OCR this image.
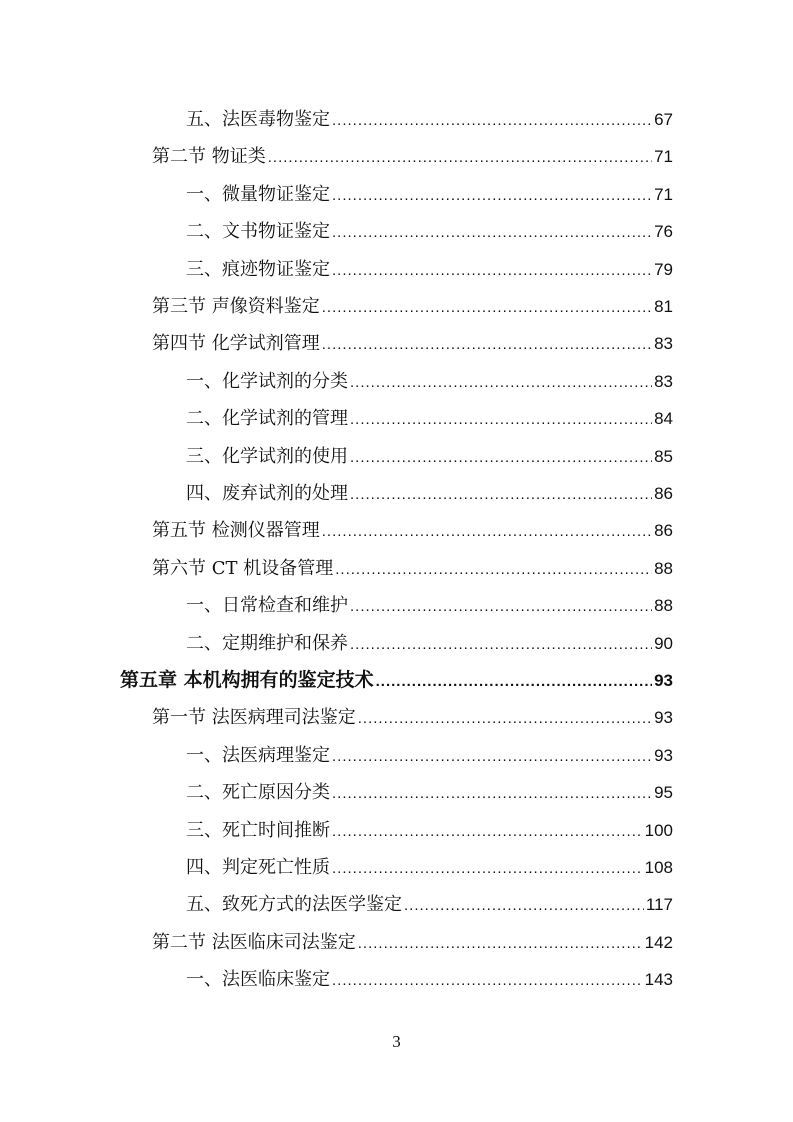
五、法医毒物鉴定 .....	67
第二节 物证类 .....	71
一、微量物证鉴定 .....	71
二、文书物证鉴定 .....	76
三、痕迹物证鉴定 .....	79
第三节 声像资料鉴定 .....	81
第四节 化学试剂管理 .....	83
一、化学试剂的分类 .....	83
二、化学试剂的管理 .....	84
三、化学试剂的使用 .....	85
四、废弃试剂的处理 .....	86
第五节 检测仪器管理 .....	86
第六节 CT 机设备管理 .....	88
一、日常检查和维护 .....	88
二、定期维护和保养 .....	90
第五章 本机构拥有的鉴定技术 .....	93
第一节 法医病理司法鉴定 .....	93
一、法医病理鉴定 .....	93
二、死亡原因分类 .....	95
三、死亡时间推断 .....	100
四、判定死亡性质 .....	108
五、致死方式的法医学鉴定 .....	117
第二节 法医临床司法鉴定 .....	142
一、法医临床鉴定 .....	143
3
